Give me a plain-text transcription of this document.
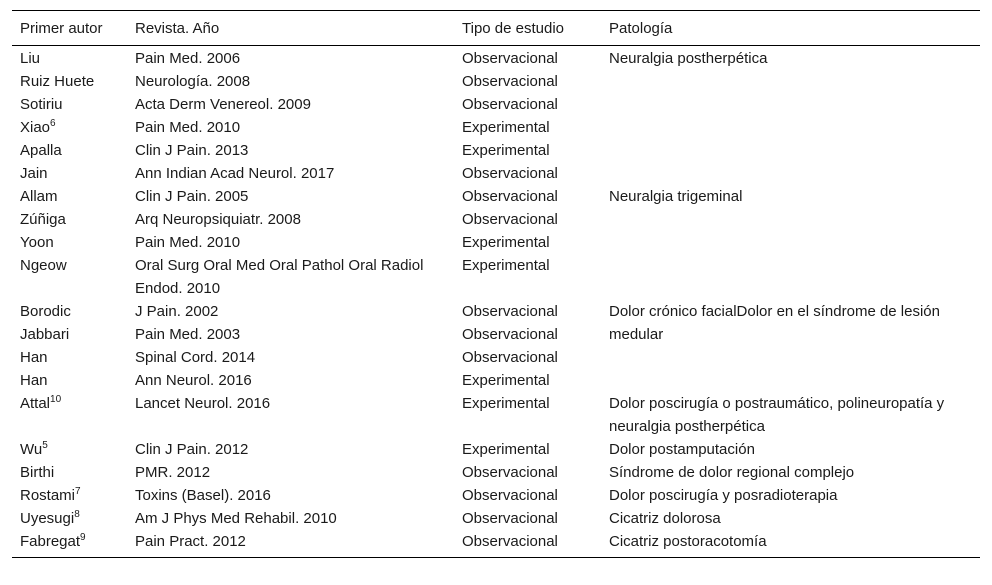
Primer autor	Revista. Año	Tipo de estudio	Patología
Liu	Pain Med. 2006	Observacional	Neuralgia postherpética
Ruiz Huete	Neurología. 2008	Observacional	
Sotiriu	Acta Derm Venereol. 2009	Observacional	
Xiao$^6$	Pain Med. 2010	Experimental	
Apalla	Clin J Pain. 2013	Experimental	
Jain	Ann Indian Acad Neurol. 2017	Observacional	
Allam	Clin J Pain. 2005	Observacional	Neuralgia trigeminal
Zúñiga	Arq Neuropsiquiatr. 2008	Observacional	
Yoon	Pain Med. 2010	Experimental	
Ngeow	Oral Surg Oral Med Oral Pathol Oral Radiol Endod. 2010	Experimental	
Borodic	J Pain. 2002	Observacional	Dolor crónico facialDolor en el síndrome de lesión medular
Jabbari	Pain Med. 2003	Observacional	
Han	Spinal Cord. 2014	Observacional	
Han	Ann Neurol. 2016	Experimental	
Attal$^{10}$	Lancet Neurol. 2016	Experimental	Dolor poscirugía o postraumático, polineuropatía y neuralgia postherpética
Wu$^5$	Clin J Pain. 2012	Experimental	Dolor postamputación
Birthi	PMR. 2012	Observacional	Síndrome de dolor regional complejo
Rostami$^7$	Toxins (Basel). 2016	Observacional	Dolor poscirugía y posradioterapia
Uyesugi$^8$	Am J Phys Med Rehabil. 2010	Observacional	Cicatriz dolorosa
Fabregat$^9$	Pain Pract. 2012	Observacional	Cicatriz postoracotomía
